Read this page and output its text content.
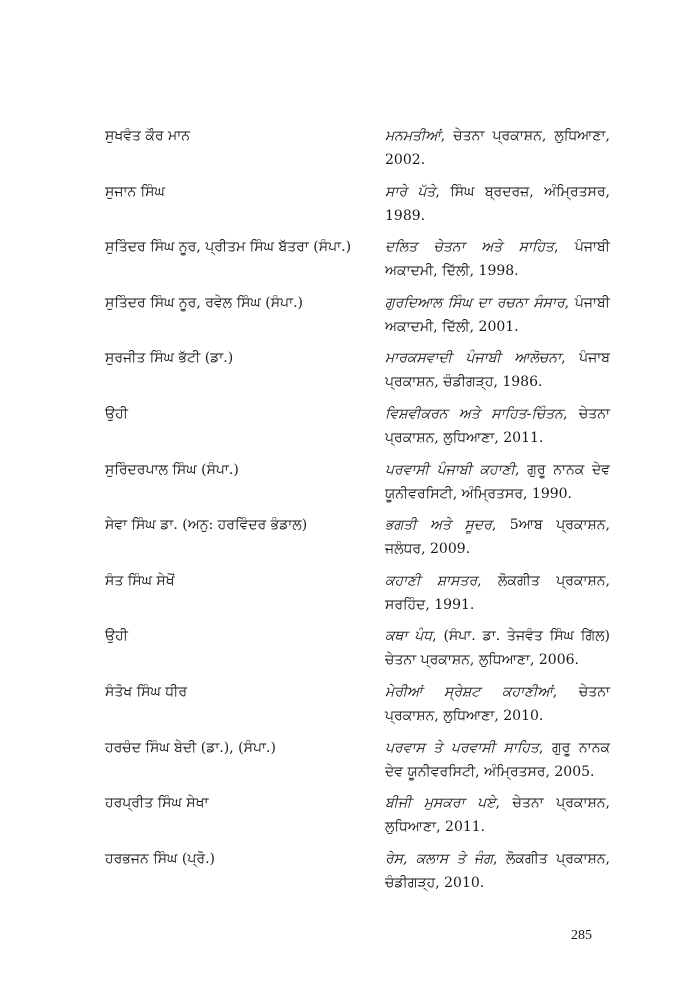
ਸੁਖਵੰਤ ਕੌਰ ਮਾਨ	ਮਨਮਤੀਆਂ, ਚੇਤਨਾ ਪ੍ਰਕਾਸ਼ਨ, ਲੁਧਿਆਣਾ, 2002.
ਸੁਜਾਨ ਸਿੰਘ	ਸਾਰੇ ਪੱਤੇ, ਸਿੰਘ ਬ੍ਰਦਰਜ਼, ਅੰਮ੍ਰਿਤਸਰ, 1989.
ਸੁਤਿੰਦਰ ਸਿੰਘ ਨੂਰ, ਪ੍ਰੀਤਮ ਸਿੰਘ ਬੱਤਰਾ (ਸੰਪਾ.)	ਦਲਿਤ ਚੇਤਨਾ ਅਤੇ ਸਾਹਿਤ, ਪੰਜਾਬੀ ਅਕਾਦਮੀ, ਦਿੱਲੀ, 1998.
ਸੁਤਿੰਦਰ ਸਿੰਘ ਨੂਰ, ਰਵੇਲ ਸਿੰਘ (ਸੰਪਾ.)	ਗੁਰਦਿਆਲ ਸਿੰਘ ਦਾ ਰਚਨਾ ਸੰਸਾਰ, ਪੰਜਾਬੀ ਅਕਾਦਮੀ, ਦਿੱਲੀ, 2001.
ਸੁਰਜੀਤ ਸਿੰਘ ਭੱਟੀ (ਡਾ.)	ਮਾਰਕਸਵਾਦੀ ਪੰਜਾਬੀ ਆਲੋਚਨਾ, ਪੰਜਾਬ ਪ੍ਰਕਾਸ਼ਨ, ਚੰਡੀਗੜ੍ਹ, 1986.
ਉਹੀ	ਵਿਸ਼ਵੀਕਰਨ ਅਤੇ ਸਾਹਿਤ-ਚਿੰਤਨ, ਚੇਤਨਾ ਪ੍ਰਕਾਸ਼ਨ, ਲੁਧਿਆਣਾ, 2011.
ਸੁਰਿੰਦਰਪਾਲ ਸਿੰਘ (ਸੰਪਾ.)	ਪਰਵਾਸੀ ਪੰਜਾਬੀ ਕਹਾਣੀ, ਗੁਰੂ ਨਾਨਕ ਦੇਵ ਯੂਨੀਵਰਸਿਟੀ, ਅੰਮ੍ਰਿਤਸਰ, 1990.
ਸੇਵਾ ਸਿੰਘ ਡਾ. (ਅਨੁ: ਹਰਵਿੰਦਰ ਭੰਡਾਲ)	ਭਗਤੀ ਅਤੇ ਸੂਦਰ, 5ਆਬ ਪ੍ਰਕਾਸ਼ਨ, ਜਲੰਧਰ, 2009.
ਸੰਤ ਸਿੰਘ ਸੇਖੋਂ	ਕਹਾਣੀ ਸ਼ਾਸਤਰ, ਲੋਕਗੀਤ ਪ੍ਰਕਾਸ਼ਨ, ਸਰਹਿੰਦ, 1991.
ਉਹੀ	ਕਥਾ ਪੰਧ, (ਸੰਪਾ. ਡਾ. ਤੇਜਵੰਤ ਸਿੰਘ ਗਿੱਲ) ਚੇਤਨਾ ਪ੍ਰਕਾਸ਼ਨ, ਲੁਧਿਆਣਾ, 2006.
ਸੰਤੋਖ ਸਿੰਘ ਧੀਰ	ਮੇਰੀਆਂ ਸ੍ਰੇਸ਼ਟ ਕਹਾਣੀਆਂ, ਚੇਤਨਾ ਪ੍ਰਕਾਸ਼ਨ, ਲੁਧਿਆਣਾ, 2010.
ਹਰਚੰਦ ਸਿੰਘ ਬੇਦੀ (ਡਾ.), (ਸੰਪਾ.)	ਪਰਵਾਸ ਤੇ ਪਰਵਾਸੀ ਸਾਹਿਤ, ਗੁਰੂ ਨਾਨਕ ਦੇਵ ਯੂਨੀਵਰਸਿਟੀ, ਅੰਮ੍ਰਿਤਸਰ, 2005.
ਹਰਪ੍ਰੀਤ ਸਿੰਘ ਸੇਖਾ	ਬੀਜੀ ਮੁਸਕਰਾ ਪਏ, ਚੇਤਨਾ ਪ੍ਰਕਾਸ਼ਨ, ਲੁਧਿਆਣਾ, 2011.
ਹਰਭਜਨ ਸਿੰਘ (ਪ੍ਰੋ.)	ਰੇਸ, ਕਲਾਸ ਤੇ ਜੰਗ, ਲੋਕਗੀਤ ਪ੍ਰਕਾਸ਼ਨ, ਚੰਡੀਗੜ੍ਹ, 2010.
285
